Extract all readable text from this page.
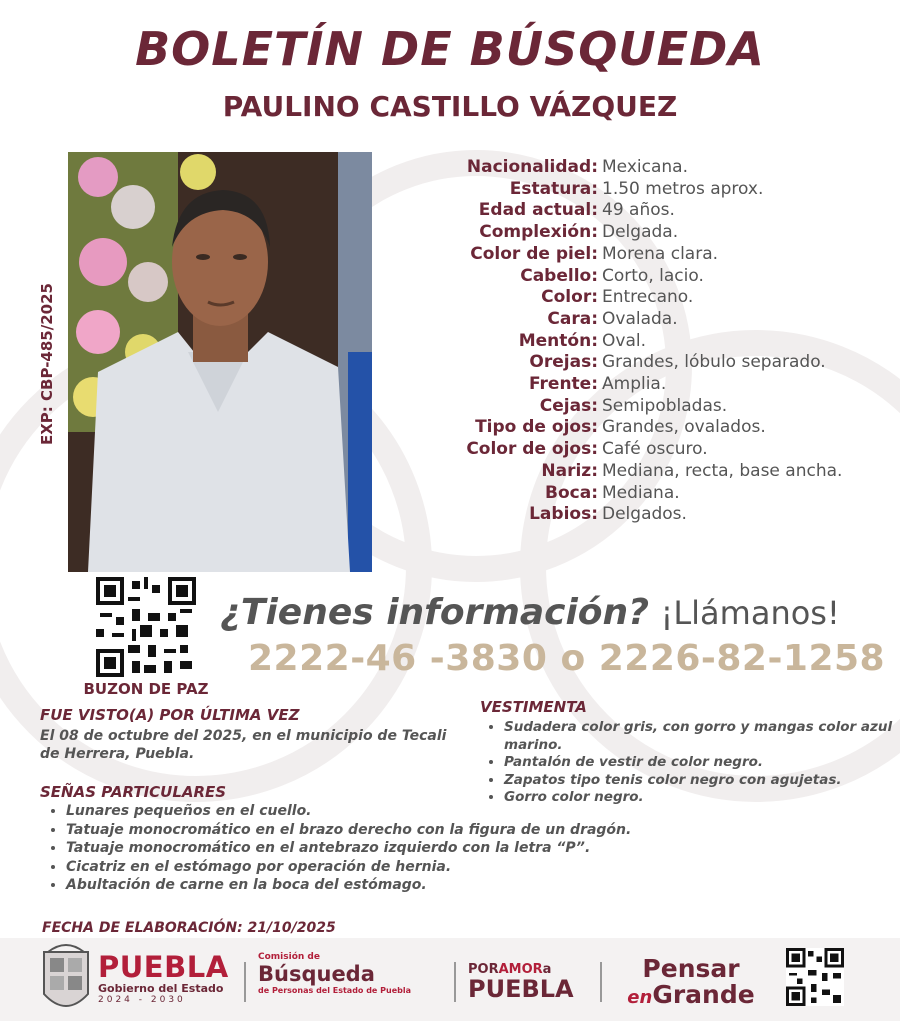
BOLETÍN DE BÚSQUEDA
PAULINO CASTILLO VÁZQUEZ
EXP: CBP-485/2025
Nacionalidad: Mexicana.
Estatura: 1.50 metros aprox.
Edad actual: 49 años.
Complexión: Delgada.
Color de piel: Morena clara.
Cabello: Corto, lacio.
Color: Entrecano.
Cara: Ovalada.
Mentón: Oval.
Orejas: Grandes, lóbulo separado.
Frente: Amplia.
Cejas: Semipobladas.
Tipo de ojos: Grandes, ovalados.
Color de ojos: Café oscuro.
Nariz: Mediana, recta, base ancha.
Boca: Mediana.
Labios: Delgados.
BUZON DE PAZ
¿Tienes información? ¡Llámanos!
2222-46 -3830 o 2226-82-1258
FUE VISTO(A) POR ÚLTIMA VEZ
El 08 de octubre del 2025, en el municipio de Tecali de Herrera, Puebla.
VESTIMENTA
• Sudadera color gris, con gorro y mangas color azul marino.
• Pantalón de vestir de color negro.
• Zapatos tipo tenis color negro con agujetas.
• Gorro color negro.
SEÑAS PARTICULARES
• Lunares pequeños en el cuello.
• Tatuaje monocromático en el brazo derecho con la figura de un dragón.
• Tatuaje monocromático en el antebrazo izquierdo con la letra “P”.
• Cicatriz en el estómago por operación de hernia.
• Abultación de carne en la boca del estómago.
FECHA DE ELABORACIÓN: 21/10/2025
PUEBLA
Gobierno del Estado
2024 - 2030
Comisión de
Búsqueda
de Personas del Estado de Puebla
PORAMORa
PUEBLA
Pensar
enGrande
